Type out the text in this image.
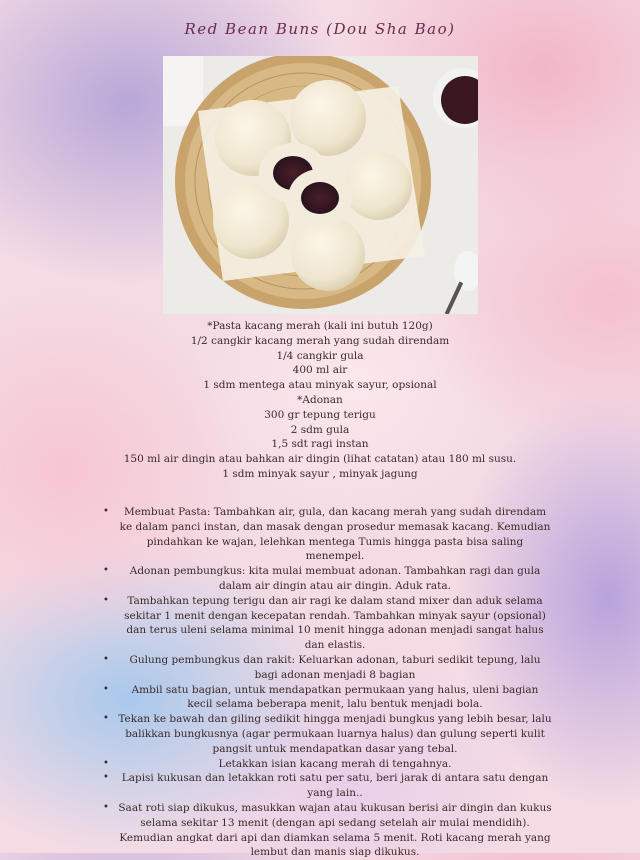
Red Bean Buns (Dou Sha Bao)
*Pasta kacang merah (kali ini butuh 120g)
1/2 cangkir kacang merah yang sudah direndam
1/4 cangkir gula
400 ml air
1 sdm mentega atau minyak sayur, opsional
*Adonan
300 gr tepung terigu
2 sdm gula
1,5 sdt ragi instan
150 ml air dingin atau bahkan air dingin (lihat catatan) atau 180 ml susu.
1 sdm minyak sayur , minyak jagung
• Membuat Pasta: Tambahkan air, gula, dan kacang merah yang sudah direndam ke dalam panci instan, dan masak dengan prosedur memasak kacang. Kemudian pindahkan ke wajan, lelehkan mentega Tumis hingga pasta bisa saling menempel.
• Adonan pembungkus: kita mulai membuat adonan. Tambahkan ragi dan gula dalam air dingin atau air dingin. Aduk rata.
• Tambahkan tepung terigu dan air ragi ke dalam stand mixer dan aduk selama sekitar 1 menit dengan kecepatan rendah. Tambahkan minyak sayur (opsional) dan terus uleni selama minimal 10 menit hingga adonan menjadi sangat halus dan elastis.
• Gulung pembungkus dan rakit: Keluarkan adonan, taburi sedikit tepung, lalu bagi adonan menjadi 8 bagian
• Ambil satu bagian, untuk mendapatkan permukaan yang halus, uleni bagian kecil selama beberapa menit, lalu bentuk menjadi bola.
• Tekan ke bawah dan giling sedikit hingga menjadi bungkus yang lebih besar, lalu balikkan bungkusnya (agar permukaan luarnya halus) dan gulung seperti kulit pangsit untuk mendapatkan dasar yang tebal.
•	Letakkan isian kacang merah di tengahnya.
• Lapisi kukusan dan letakkan roti satu per satu, beri jarak di antara satu dengan yang lain..
• Saat roti siap dikukus, masukkan wajan atau kukusan berisi air dingin dan kukus selama sekitar 13 menit (dengan api sedang setelah air mulai mendidih). Kemudian angkat dari api dan diamkan selama 5 menit. Roti kacang merah yang lembut dan manis siap dikukus.
